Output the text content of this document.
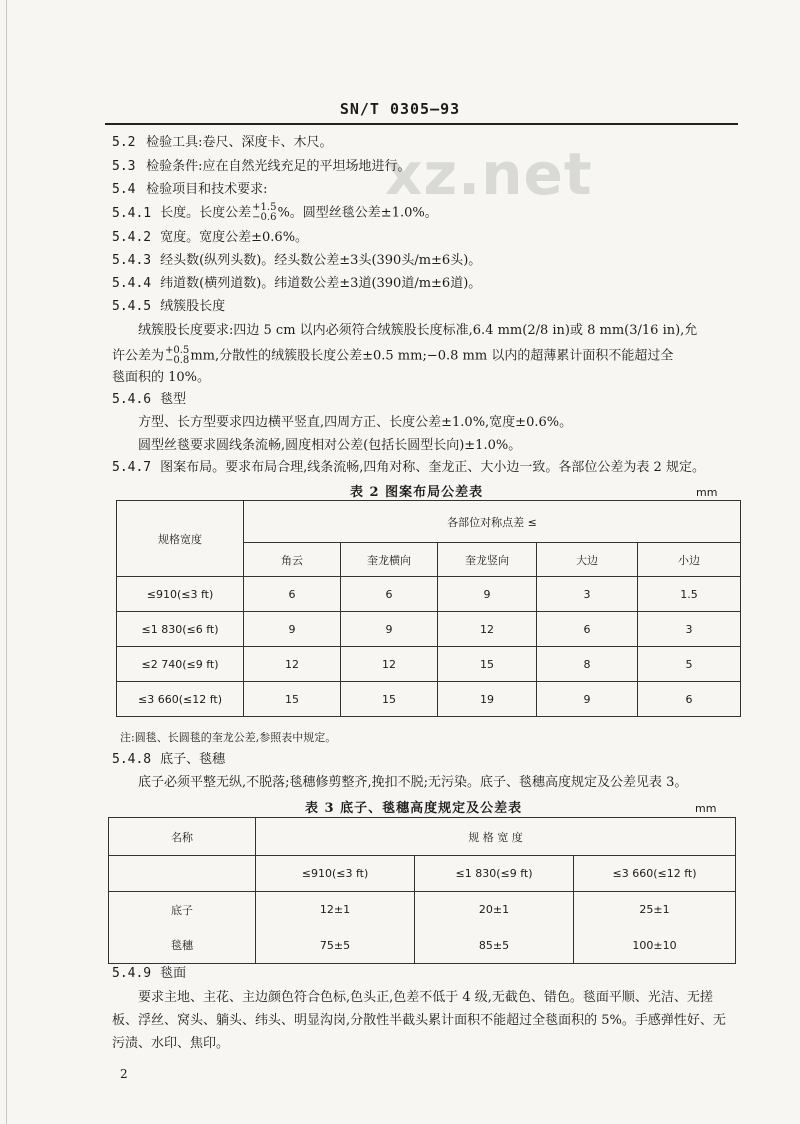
SN/T 0305—93
xz.net
5.2 检验工具:卷尺、深度卡、木尺。
5.3 检验条件:应在自然光线充足的平坦场地进行。
5.4 检验项目和技术要求:
5.4.1 长度。长度公差 +1.5
−0.6 %。圆型丝毯公差±1.0%。
5.4.2 宽度。宽度公差±0.6%。
5.4.3 经头数(纵列头数)。经头数公差±3头(390头/m±6头)。
5.4.4 纬道数(横列道数)。纬道数公差±3道(390道/m±6道)。
5.4.5 绒簇股长度
绒簇股长度要求:四边 5 cm 以内必须符合绒簇股长度标准,6.4 mm(2/8 in)或 8 mm(3/16 in),允
许公差为 +0.5
−0.8 mm,分散性的绒簇股长度公差±0.5 mm;−0.8 mm 以内的超薄累计面积不能超过全
毯面积的 10%。
5.4.6 毯型
方型、长方型要求四边横平竖直,四周方正、长度公差±1.0%,宽度±0.6%。
圆型丝毯要求圆线条流畅,圆度相对公差(包括长圆型长向)±1.0%。
5.4.7 图案布局。要求布局合理,线条流畅,四角对称、奎龙正、大小边一致。各部位公差为表 2 规定。
表 2 图案布局公差表	mm
规格宽度	各部位对称点差 ≤				
	角云	奎龙横向	奎龙竖向	大边	小边
≤910(≤3 ft)	6	6	9	3	1.5
≤1 830(≤6 ft)	9	9	12	6	3
≤2 740(≤9 ft)	12	12	15	8	5
≤3 660(≤12 ft)	15	15	19	9	6
注:圆毯、长圆毯的奎龙公差,参照表中规定。
5.4.8 底子、毯穗
底子必须平整无纵,不脱落;毯穗修剪整齐,挽扣不脱;无污染。底子、毯穗高度规定及公差见表 3。
表 3 底子、毯穗高度规定及公差表	mm
名称	规 格 宽 度		
	≤910(≤3 ft)	≤1 830(≤9 ft)	≤3 660(≤12 ft)
底子	12±1	20±1	25±1
毯穗	75±5	85±5	100±10
5.4.9 毯面
要求主地、主花、主边颜色符合色标,色头正,色差不低于 4 级,无截色、错色。毯面平顺、光洁、无搓
板、浮丝、窝头、躺头、纬头、明显沟岗,分散性半截头累计面积不能超过全毯面积的 5%。手感弹性好、无
污渍、水印、焦印。
2
